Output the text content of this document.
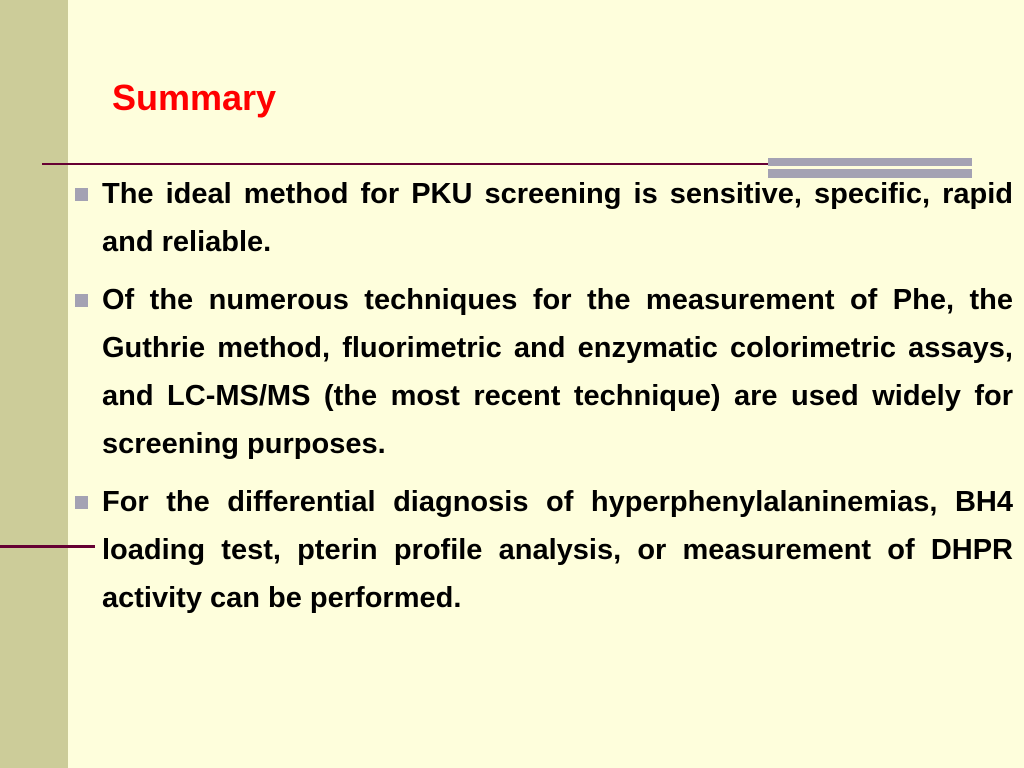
Summary
The ideal method for PKU screening is sensitive, specific, rapid and reliable.
Of the numerous techniques for the measurement of Phe, the Guthrie method, fluorimetric and enzymatic colorimetric assays, and LC-MS/MS (the most recent technique) are used widely for screening purposes.
For the differential diagnosis of hyperphenylalaninemias, BH4 loading test, pterin profile analysis, or measurement of DHPR activity can be performed.
